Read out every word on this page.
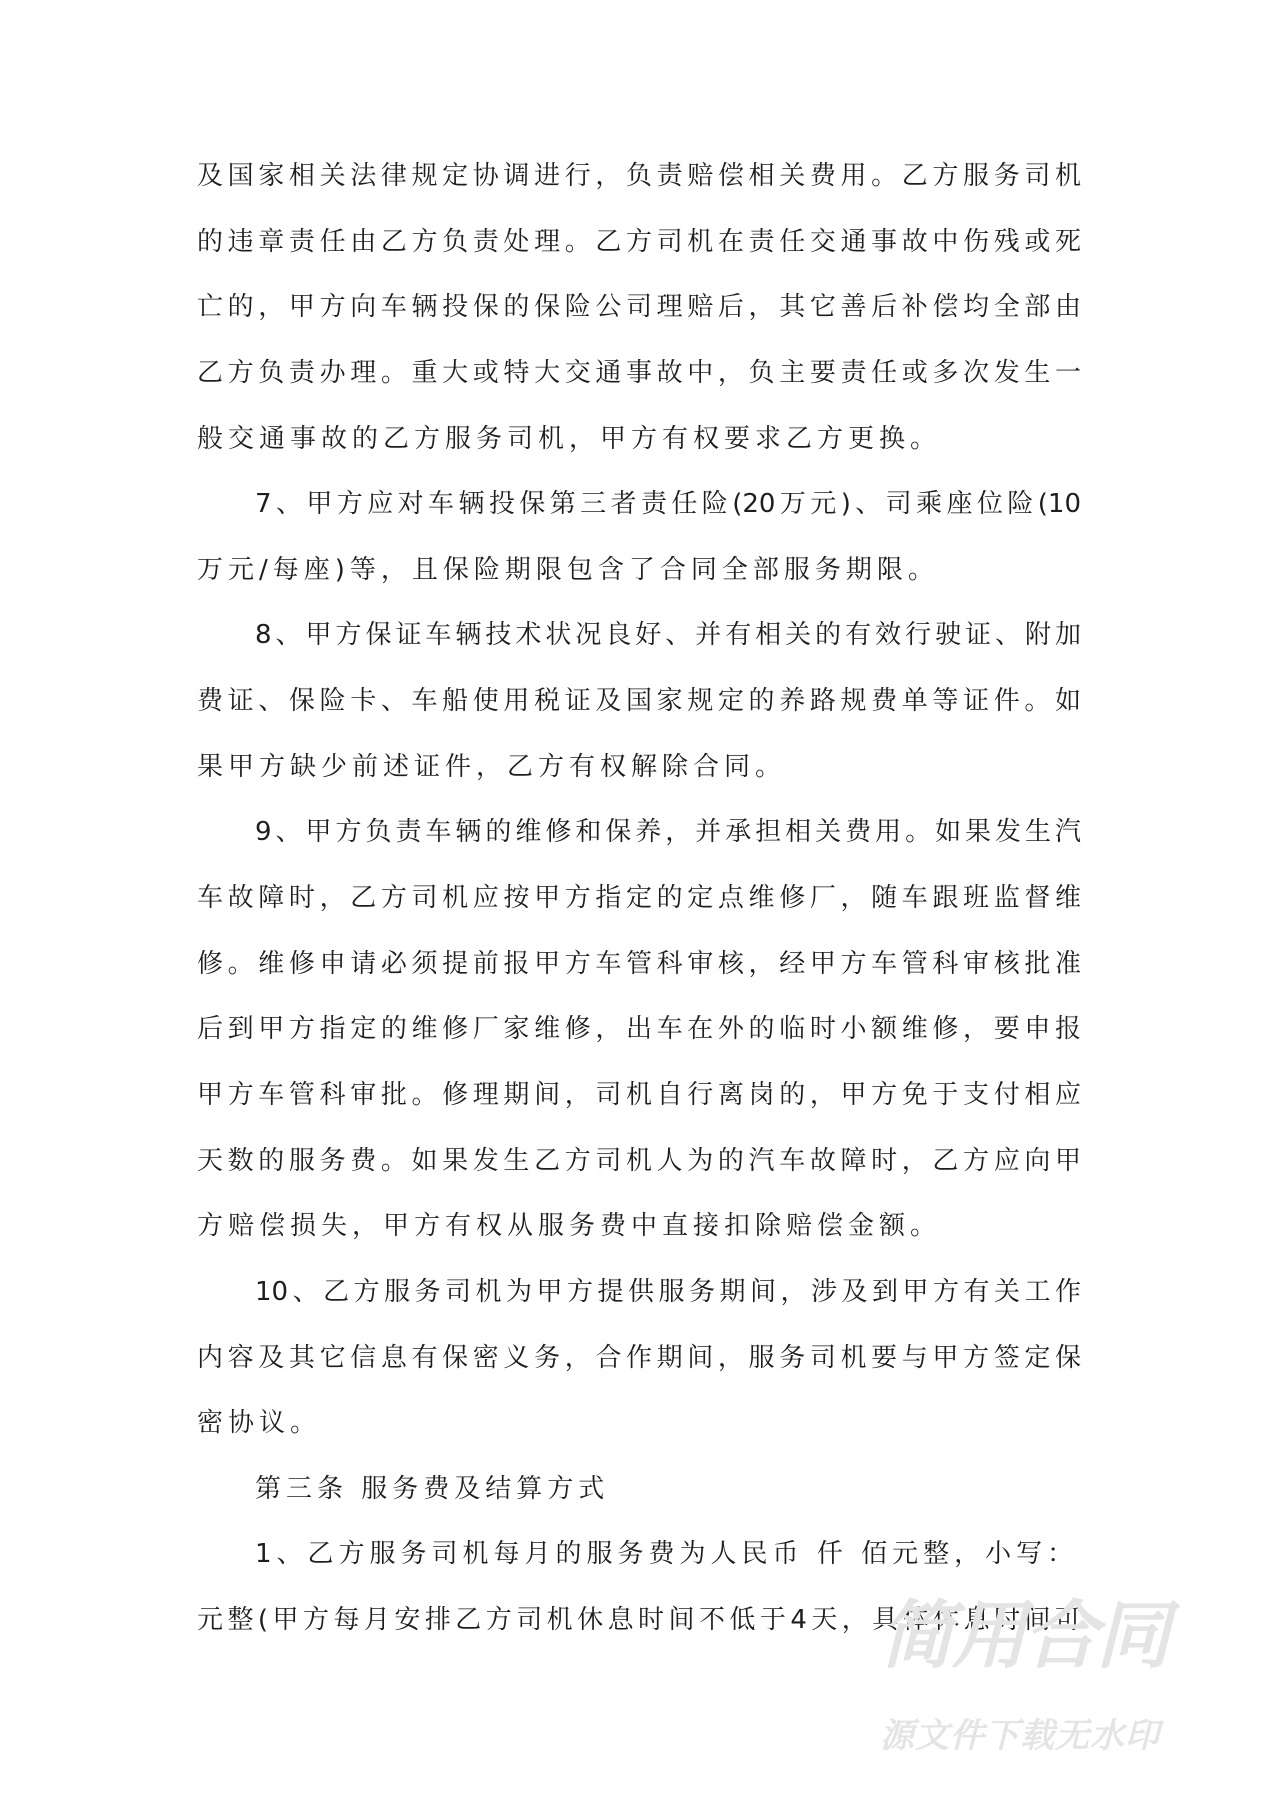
及国家相关法律规定协调进行，负责赔偿相关费用。乙方服务司机
的违章责任由乙方负责处理。乙方司机在责任交通事故中伤残或死
亡的，甲方向车辆投保的保险公司理赔后，其它善后补偿均全部由
乙方负责办理。重大或特大交通事故中，负主要责任或多次发生一
般交通事故的乙方服务司机，甲方有权要求乙方更换。
7、甲方应对车辆投保第三者责任险(20万元)、司乘座位险(10
万元/每座)等，且保险期限包含了合同全部服务期限。
8、甲方保证车辆技术状况良好、并有相关的有效行驶证、附加
费证、保险卡、车船使用税证及国家规定的养路规费单等证件。如
果甲方缺少前述证件，乙方有权解除合同。
9、甲方负责车辆的维修和保养，并承担相关费用。如果发生汽
车故障时，乙方司机应按甲方指定的定点维修厂，随车跟班监督维
修。维修申请必须提前报甲方车管科审核，经甲方车管科审核批准
后到甲方指定的维修厂家维修，出车在外的临时小额维修，要申报
甲方车管科审批。修理期间，司机自行离岗的，甲方免于支付相应
天数的服务费。如果发生乙方司机人为的汽车故障时，乙方应向甲
方赔偿损失，甲方有权从服务费中直接扣除赔偿金额。
10、乙方服务司机为甲方提供服务期间，涉及到甲方有关工作
内容及其它信息有保密义务，合作期间，服务司机要与甲方签定保
密协议。
第三条 服务费及结算方式
1、乙方服务司机每月的服务费为人民币 仟 佰元整，小写：
元整(甲方每月安排乙方司机休息时间不低于4天，具体休息时间可
简用合同
源文件下载无水印
